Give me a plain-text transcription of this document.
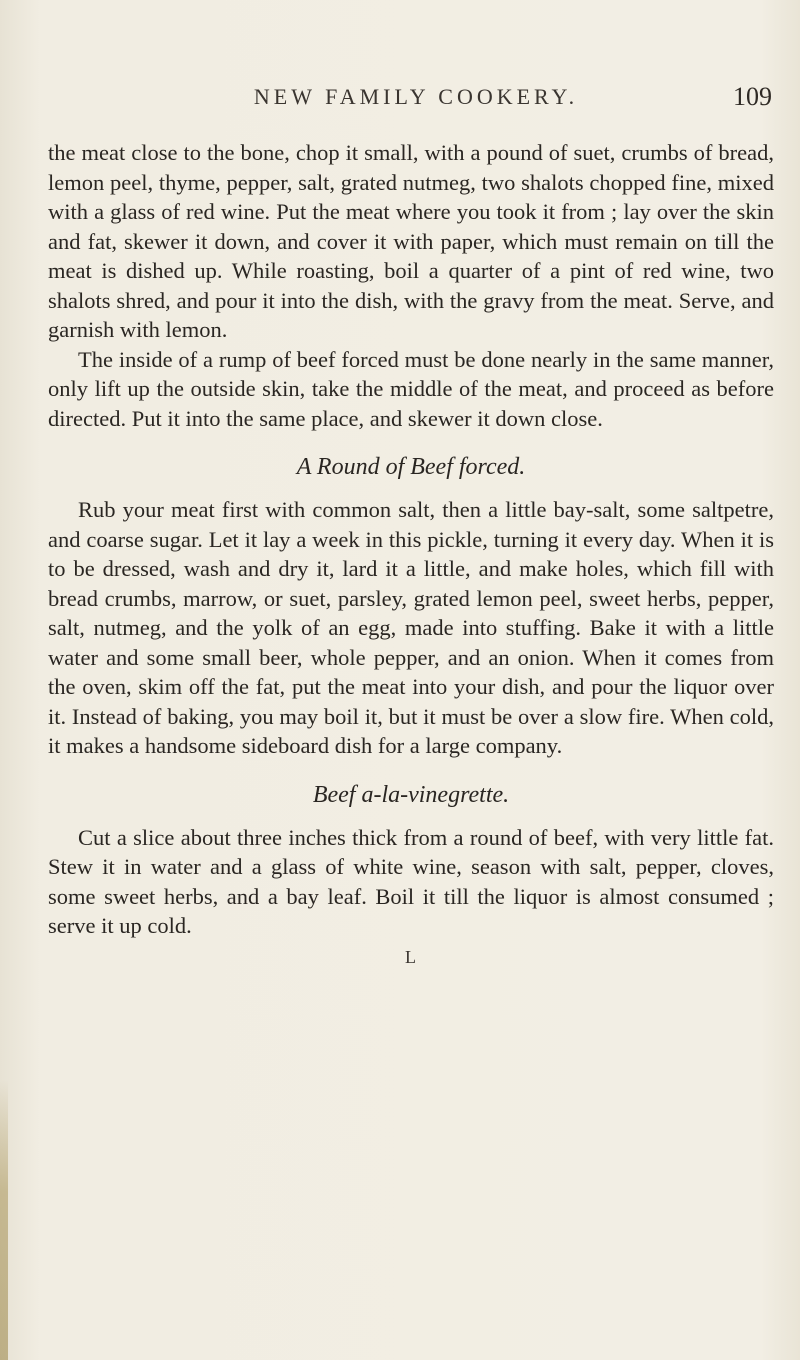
NEW FAMILY COOKERY.	109

the meat close to the bone, chop it small, with a pound of suet, crumbs of bread, lemon peel, thyme, pepper, salt, grated nutmeg, two shalots chopped fine, mixed with a glass of red wine. Put the meat where you took it from ; lay over the skin and fat, skewer it down, and cover it with paper, which must remain on till the meat is dished up. While roasting, boil a quarter of a pint of red wine, two shalots shred, and pour it into the dish, with the gravy from the meat. Serve, and garnish with lemon.

The inside of a rump of beef forced must be done nearly in the same manner, only lift up the outside skin, take the middle of the meat, and proceed as before directed. Put it into the same place, and skewer it down close.

A Round of Beef forced.

Rub your meat first with common salt, then a little bay-salt, some saltpetre, and coarse sugar. Let it lay a week in this pickle, turning it every day. When it is to be dressed, wash and dry it, lard it a little, and make holes, which fill with bread crumbs, marrow, or suet, parsley, grated lemon peel, sweet herbs, pepper, salt, nutmeg, and the yolk of an egg, made into stuffing. Bake it with a little water and some small beer, whole pepper, and an onion. When it comes from the oven, skim off the fat, put the meat into your dish, and pour the liquor over it. Instead of baking, you may boil it, but it must be over a slow fire. When cold, it makes a handsome sideboard dish for a large company.

Beef a-la-vinegrette.

Cut a slice about three inches thick from a round of beef, with very little fat. Stew it in water and a glass of white wine, season with salt, pepper, cloves, some sweet herbs, and a bay leaf. Boil it till the liquor is almost consumed ; serve it up cold.

L
